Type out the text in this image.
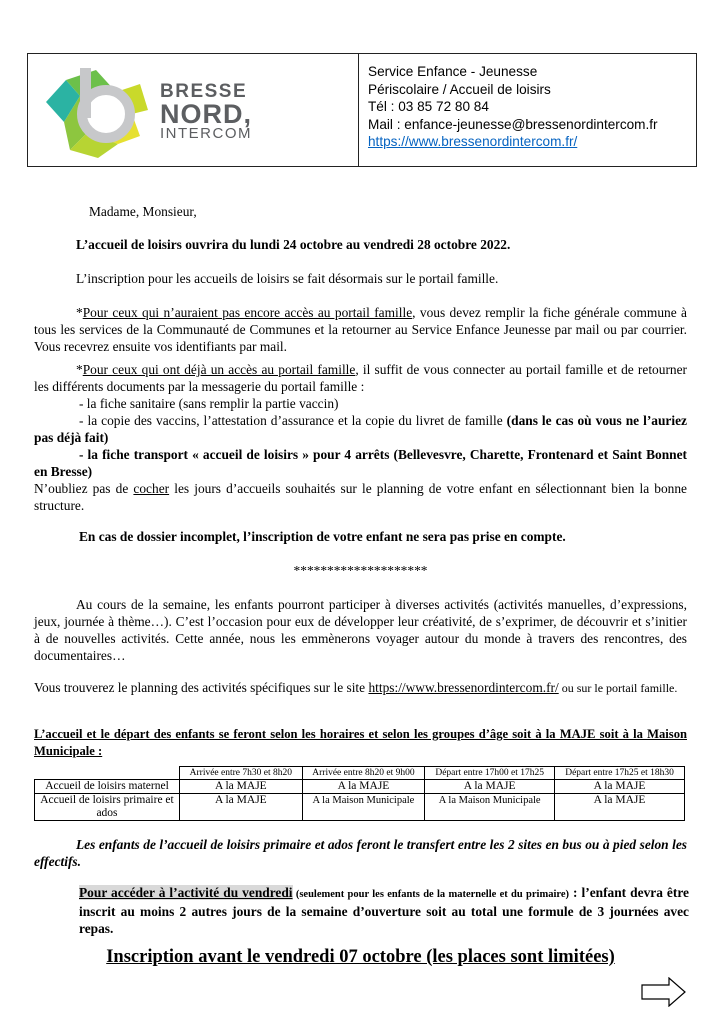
BRESSE
NORD,
INTERCOM
Service Enfance - Jeunesse
Périscolaire / Accueil de loisirs
Tél : 03 85 72 80 84
Mail : enfance-jeunesse@bressenordintercom.fr
https://www.bressenordintercom.fr/
Madame, Monsieur,
L’accueil de loisirs ouvrira du lundi 24 octobre au vendredi 28 octobre 2022.
L’inscription pour les accueils de loisirs se fait désormais sur le portail famille.
*Pour ceux qui n’auraient pas encore accès au portail famille, vous devez remplir la fiche générale commune à tous les services de la Communauté de Communes et la retourner au Service Enfance Jeunesse par mail ou par courrier. Vous recevrez ensuite vos identifiants par mail.
*Pour ceux qui ont déjà un accès au portail famille, il suffit de vous connecter au portail famille et de retourner les différents documents par la messagerie du portail famille :
- la fiche sanitaire (sans remplir la partie vaccin)
- la copie des vaccins, l’attestation d’assurance et la copie du livret de famille (dans le cas où vous ne l’auriez pas déjà fait)
- la fiche transport « accueil de loisirs » pour 4 arrêts (Bellevesvre, Charette, Frontenard et Saint Bonnet en Bresse)
N’oubliez pas de cocher les jours d’accueils souhaités sur le planning de votre enfant en sélectionnant bien la bonne structure.
En cas de dossier incomplet, l’inscription de votre enfant ne sera pas prise en compte.
********************
Au cours de la semaine, les enfants pourront participer à diverses activités (activités manuelles, d’expressions, jeux, journée à thème…). C’est l’occasion pour eux de développer leur créativité, de s’exprimer, de découvrir et s’initier à de nouvelles activités. Cette année, nous les emmènerons voyager autour du monde à travers des rencontres, des documentaires…
Vous trouverez le planning des activités spécifiques sur le site https://www.bressenordintercom.fr/ ou sur le portail famille.
L’accueil et le départ des enfants se feront selon les horaires et selon les groupes d’âge soit à la MAJE soit à la Maison Municipale :
	Arrivée entre 7h30 et 8h20	Arrivée entre 8h20 et 9h00	Départ entre 17h00 et 17h25	Départ entre 17h25 et 18h30
Accueil de loisirs maternel	A la MAJE	A la MAJE	A la MAJE	A la MAJE
Accueil de loisirs primaire et ados	A la MAJE	A la Maison Municipale	A la Maison Municipale	A la MAJE
Les enfants de l’accueil de loisirs primaire et ados feront le transfert entre les 2 sites en bus ou à pied selon les effectifs.
Pour accéder à l’activité du vendredi (seulement pour les enfants de la maternelle et du primaire) : l’enfant devra être inscrit au moins 2 autres jours de la semaine d’ouverture soit au total une formule de 3 journées avec repas.
Inscription avant le vendredi 07 octobre (les places sont limitées)
